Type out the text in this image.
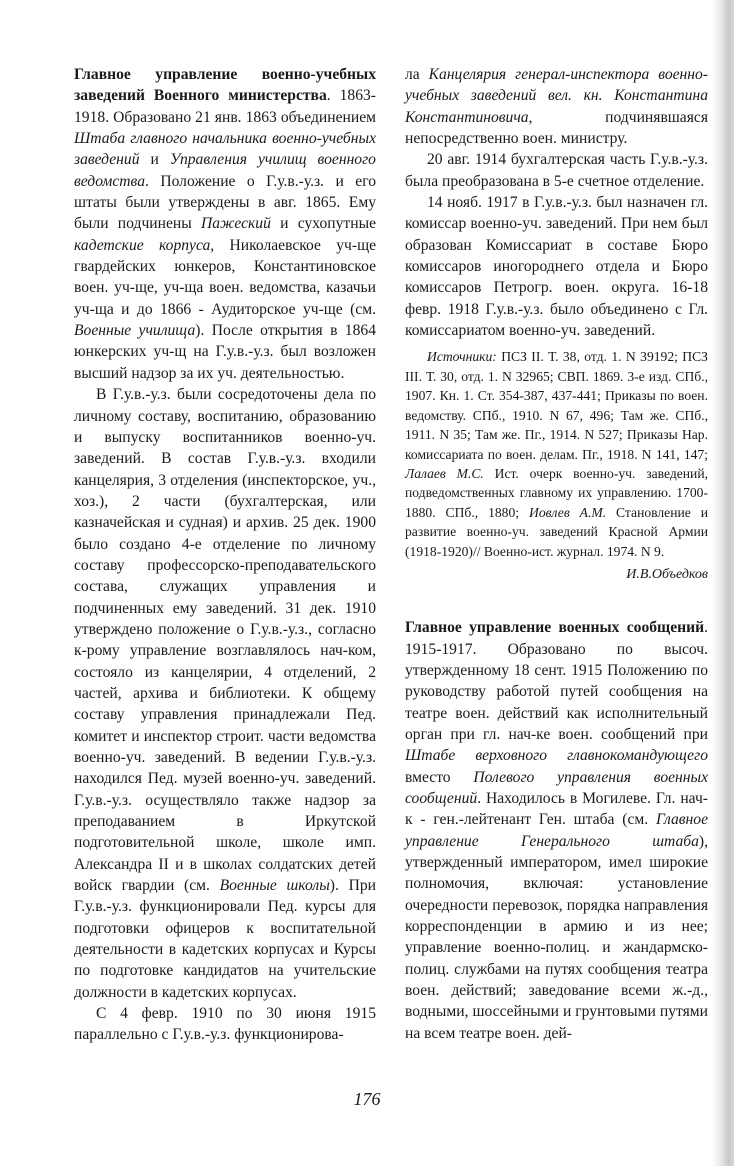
Главное управление военно-учебных заведений Военного министерства. 1863-1918. Образовано 21 янв. 1863 объединением Штаба главного начальника военно-учебных заведений и Управления училищ военного ведомства. Положение о Г.у.в.-у.з. и его штаты были утверждены в авг. 1865. Ему были подчинены Пажеский и сухопутные кадетские корпуса, Николаевское уч-ще гвардейских юнкеров, Константиновское воен. уч-ще, уч-ща воен. ведомства, казачьи уч-ща и до 1866 - Аудиторское уч-ще (см. Военные училища). После открытия в 1864 юнкерских уч-щ на Г.у.в.-у.з. был возложен высший надзор за их уч. деятельностью.

В Г.у.в.-у.з. были сосредоточены дела по личному составу, воспитанию, образованию и выпуску воспитанников военно-уч. заведений. В состав Г.у.в.-у.з. входили канцелярия, 3 отделения (инспекторское, уч., хоз.), 2 части (бухгалтерская, или казначейская и судная) и архив. 25 дек. 1900 было создано 4-е отделение по личному составу профессорско-преподавательского состава, служащих управления и подчиненных ему заведений. 31 дек. 1910 утверждено положение о Г.у.в.-у.з., согласно к-рому управление возглавлялось нач-ком, состояло из канцелярии, 4 отделений, 2 частей, архива и библиотеки. К общему составу управления принадлежали Пед. комитет и инспектор строит. части ведомства военно-уч. заведений. В ведении Г.у.в.-у.з. находился Пед. музей военно-уч. заведений. Г.у.в.-у.з. осуществляло также надзор за преподаванием в Иркутской подготовительной школе, школе имп. Александра II и в школах солдатских детей войск гвардии (см. Военные школы). При Г.у.в.-у.з. функционировали Пед. курсы для подготовки офицеров к воспитательной деятельности в кадетских корпусах и Курсы по подготовке кандидатов на учительские должности в кадетских корпусах.

С 4 февр. 1910 по 30 июня 1915 параллельно с Г.у.в.-у.з. функционирова-

ла Канцелярия генерал-инспектора военно-учебных заведений вел. кн. Константина Константиновича, подчинявшаяся непосредственно воен. министру.

20 авг. 1914 бухгалтерская часть Г.у.в.-у.з. была преобразована в 5-е счетное отделение.

14 нояб. 1917 в Г.у.в.-у.з. был назначен гл. комиссар военно-уч. заведений. При нем был образован Комиссариат в составе Бюро комиссаров иногороднего отдела и Бюро комиссаров Петрогр. воен. округа. 16-18 февр. 1918 Г.у.в.-у.з. было объединено с Гл. комиссариатом военно-уч. заведений.

Источники: ПСЗ II. Т. 38, отд. 1. N 39192; ПСЗ III. Т. 30, отд. 1. N 32965; СВП. 1869. 3-е изд. СПб., 1907. Кн. 1. Ст. 354-387, 437-441; Приказы по воен. ведомству. СПб., 1910. N 67, 496; Там же. СПб., 1911. N 35; Там же. Пг., 1914. N 527; Приказы Нар. комиссариата по воен. делам. Пг., 1918. N 141, 147; Лалаев М.С. Ист. очерк военно-уч. заведений, подведомственных главному их управлению. 1700-1880. СПб., 1880; Иовлев А.М. Становление и развитие военно-уч. заведений Красной Армии (1918-1920)// Военно-ист. журнал. 1974. N 9.

И.В.Объедков

Главное управление военных сообщений. 1915-1917. Образовано по высоч. утвержденному 18 сент. 1915 Положению по руководству работой путей сообщения на театре воен. действий как исполнительный орган при гл. нач-ке воен. сообщений при Штабе верховного главнокомандующего вместо Полевого управления военных сообщений. Находилось в Могилеве. Гл. нач-к - ген.-лейтенант Ген. штаба (см. Главное управление Генерального штаба), утвержденный императором, имел широкие полномочия, включая: установление очередности перевозок, порядка направления корреспонденции в армию и из нее; управление военно-полиц. и жандармско-полиц. службами на путях сообщения театра воен. действий; заведование всеми ж.-д., водными, шоссейными и грунтовыми путями на всем театре воен. дей-

176
